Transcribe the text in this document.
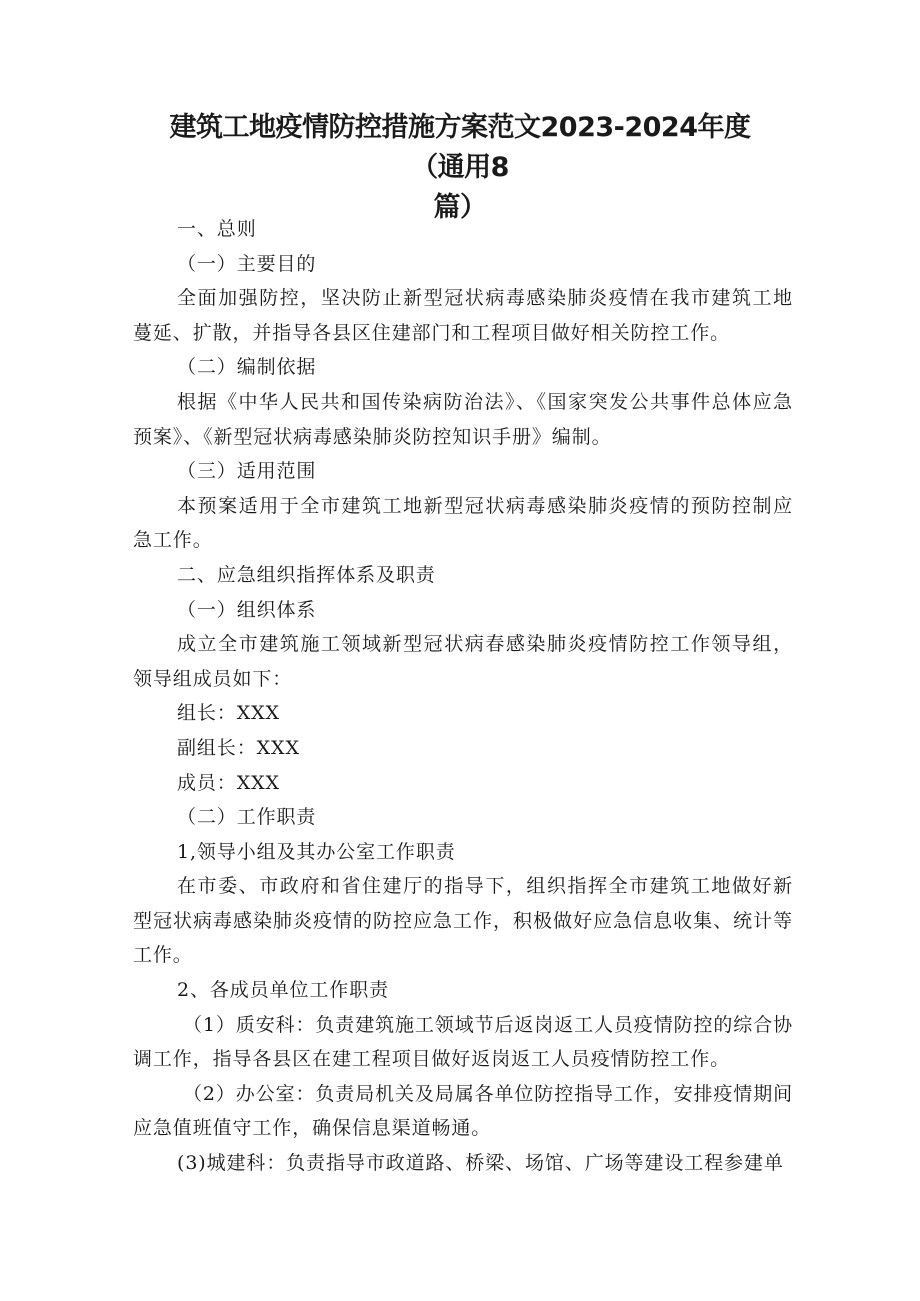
建筑工地疫情防控措施方案范文2023-2024年度（通用8
篇）

一、总则

（一）主要目的

全面加强防控，坚决防止新型冠状病毒感染肺炎疫情在我市建筑工地蔓延、扩散，并指导各县区住建部门和工程项目做好相关防控工作。

（二）编制依据

根据《中华人民共和国传染病防治法》、《国家突发公共事件总体应急预案》、《新型冠状病毒感染肺炎防控知识手册》编制。

（三）适用范围

本预案适用于全市建筑工地新型冠状病毒感染肺炎疫情的预防控制应急工作。

二、应急组织指挥体系及职责

（一）组织体系

成立全市建筑施工领域新型冠状病春感染肺炎疫情防控工作领导组，领导组成员如下：

组长：XXX

副组长：XXX

成员：XXX

（二）工作职责

1,领导小组及其办公室工作职责

在市委、市政府和省住建厅的指导下，组织指挥全市建筑工地做好新型冠状病毒感染肺炎疫情的防控应急工作，积极做好应急信息收集、统计等工作。

2、各成员单位工作职责

（1）质安科：负责建筑施工领域节后返岗返工人员疫情防控的综合协调工作，指导各县区在建工程项目做好返岗返工人员疫情防控工作。

（2）办公室：负责局机关及局属各单位防控指导工作，安排疫情期间应急值班值守工作，确保信息渠道畅通。

(3)城建科：负责指导市政道路、桥梁、场馆、广场等建设工程参建单
